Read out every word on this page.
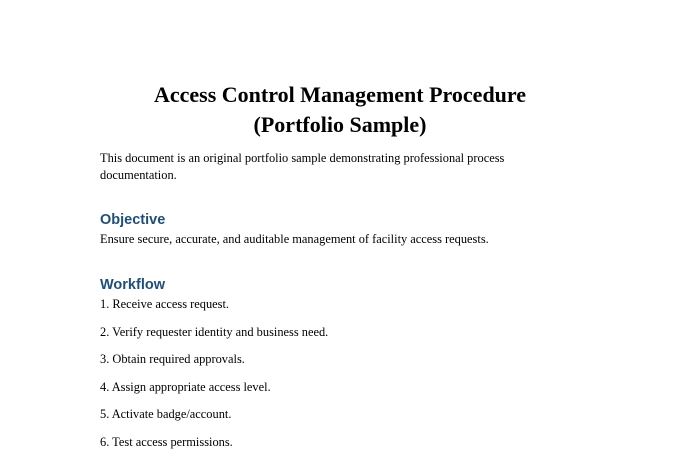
Access Control Management Procedure
(Portfolio Sample)

This document is an original portfolio sample demonstrating professional process documentation.

Objective

Ensure secure, accurate, and auditable management of facility access requests.

Workflow
1. Receive access request.
2. Verify requester identity and business need.
3. Obtain required approvals.
4. Assign appropriate access level.
5. Activate badge/account.
6. Test access permissions.
